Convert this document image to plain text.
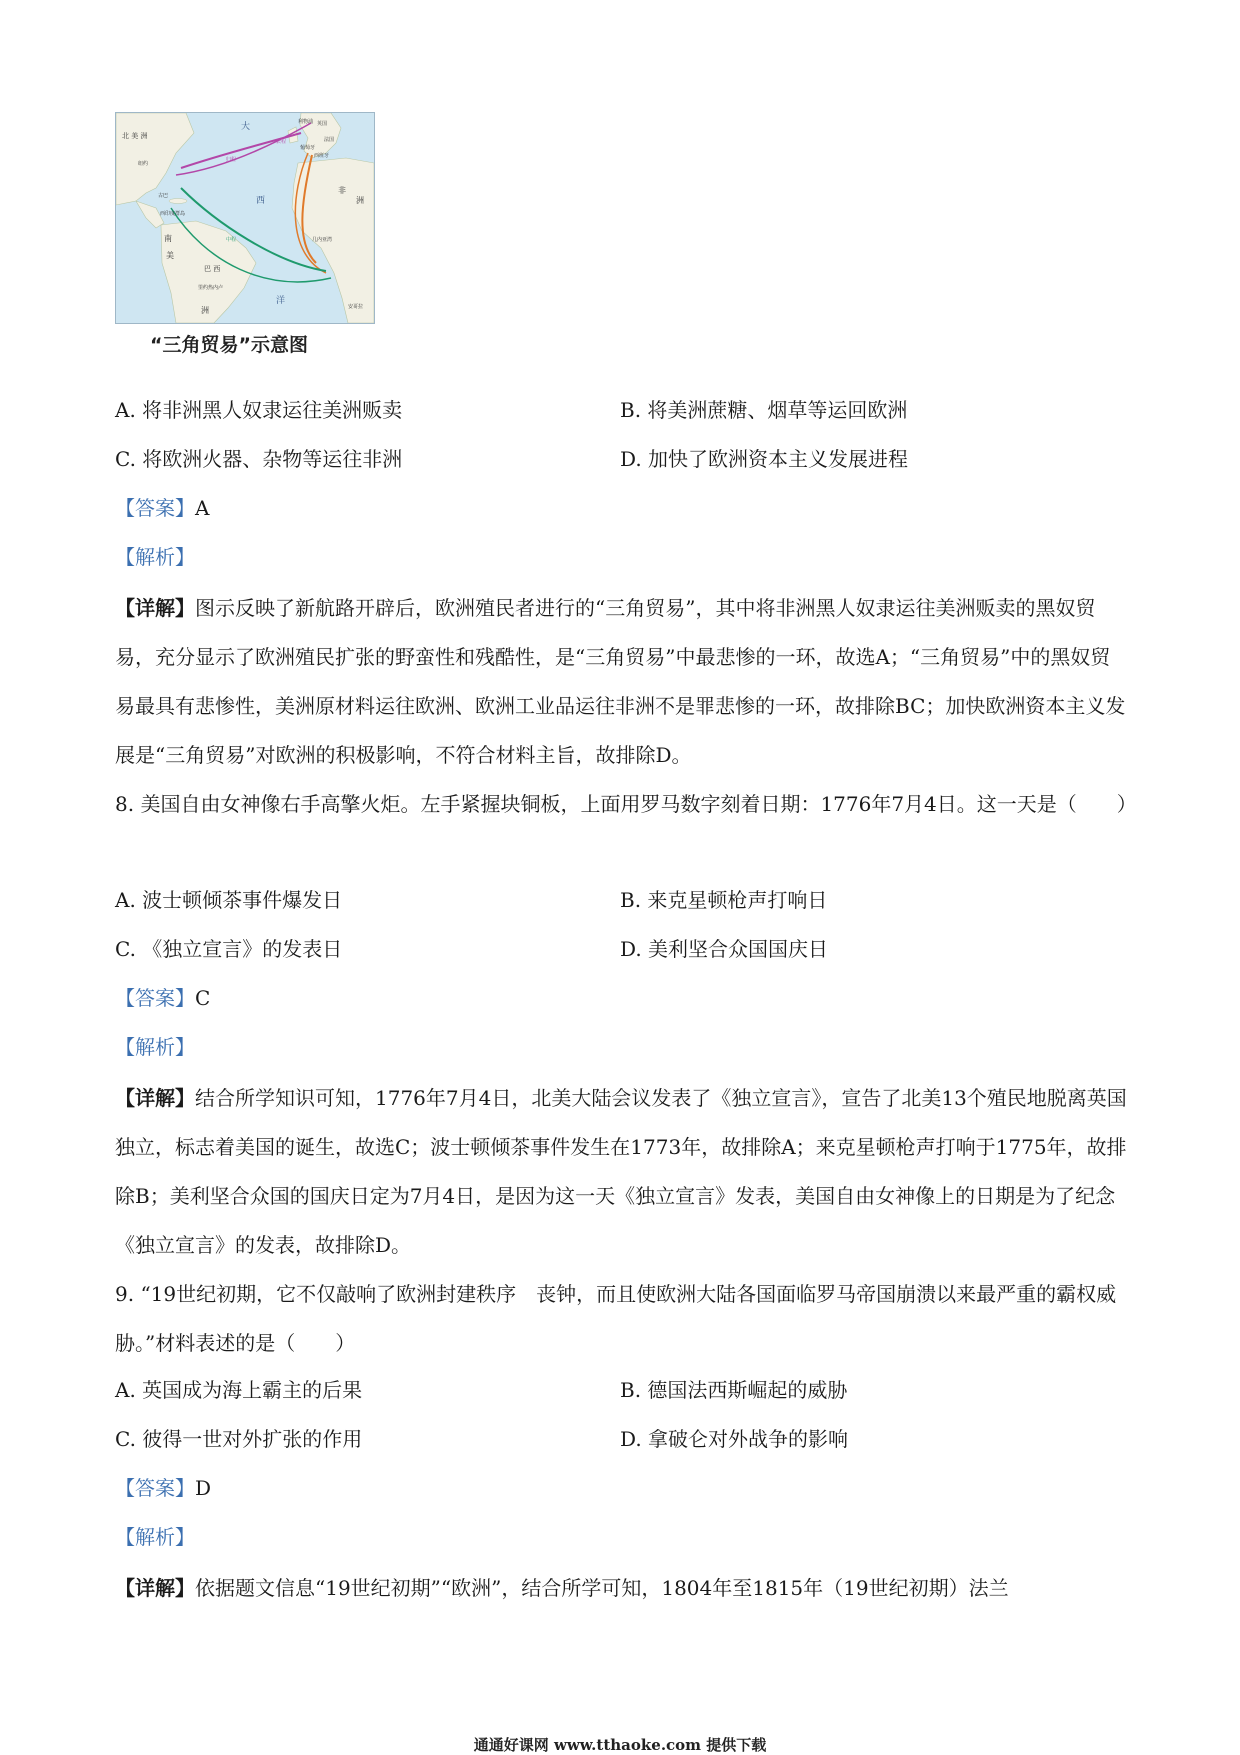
北 美 洲
大
西
洋
南
美
洲
巴 西
非
洲
英国
法国
葡萄牙
西班牙
利物浦
去程
中程
归程
纽约
古巴
西印度群岛
几内亚湾
安哥拉
里约热内卢
“三角贸易”示意图
A. 将非洲黑人奴隶运往美洲贩卖	B. 将美洲蔗糖、烟草等运回欧洲
C. 将欧洲火器、杂物等运往非洲	D. 加快了欧洲资本主义发展进程
【答案】A
【解析】

【详解】图示反映了新航路开辟后，欧洲殖民者进行的“三角贸易”，其中将非洲黑人奴隶运往美洲贩卖的黑奴贸易，充分显示了欧洲殖民扩张的野蛮性和残酷性，是“三角贸易”中最悲惨的一环，故选A；“三角贸易”中的黑奴贸易最具有悲惨性，美洲原材料运往欧洲、欧洲工业品运往非洲不是罪悲惨的一环，故排除BC；加快欧洲资本主义发展是“三角贸易”对欧洲的积极影响，不符合材料主旨，故排除D。

8. 美国自由女神像右手高擎火炬。左手紧握块铜板，上面用罗马数字刻着日期：1776年7月4日。这一天是（　　）

A. 波士顿倾茶事件爆发日	B. 来克星顿枪声打响日
C. 《独立宣言》的发表日	D. 美利坚合众国国庆日
【答案】C
【解析】

【详解】结合所学知识可知，1776年7月4日，北美大陆会议发表了《独立宣言》，宣告了北美13个殖民地脱离英国独立，标志着美国的诞生，故选C；波士顿倾茶事件发生在1773年，故排除A；来克星顿枪声打响于1775年，故排除B；美利坚合众国的国庆日定为7月4日，是因为这一天《独立宣言》发表，美国自由女神像上的日期是为了纪念《独立宣言》的发表，故排除D。

9. “19世纪初期，它不仅敲响了欧洲封建秩序　丧钟，而且使欧洲大陆各国面临罗马帝国崩溃以来最严重的霸权威胁。”材料表述的是（　　）

A. 英国成为海上霸主的后果	B. 德国法西斯崛起的威胁
C. 彼得一世对外扩张的作用	D. 拿破仑对外战争的影响
【答案】D
【解析】

【详解】依据题文信息“19世纪初期”“欧洲”，结合所学可知，1804年至1815年（19世纪初期）法兰

通通好课网 www.tthaoke.com 提供下载
